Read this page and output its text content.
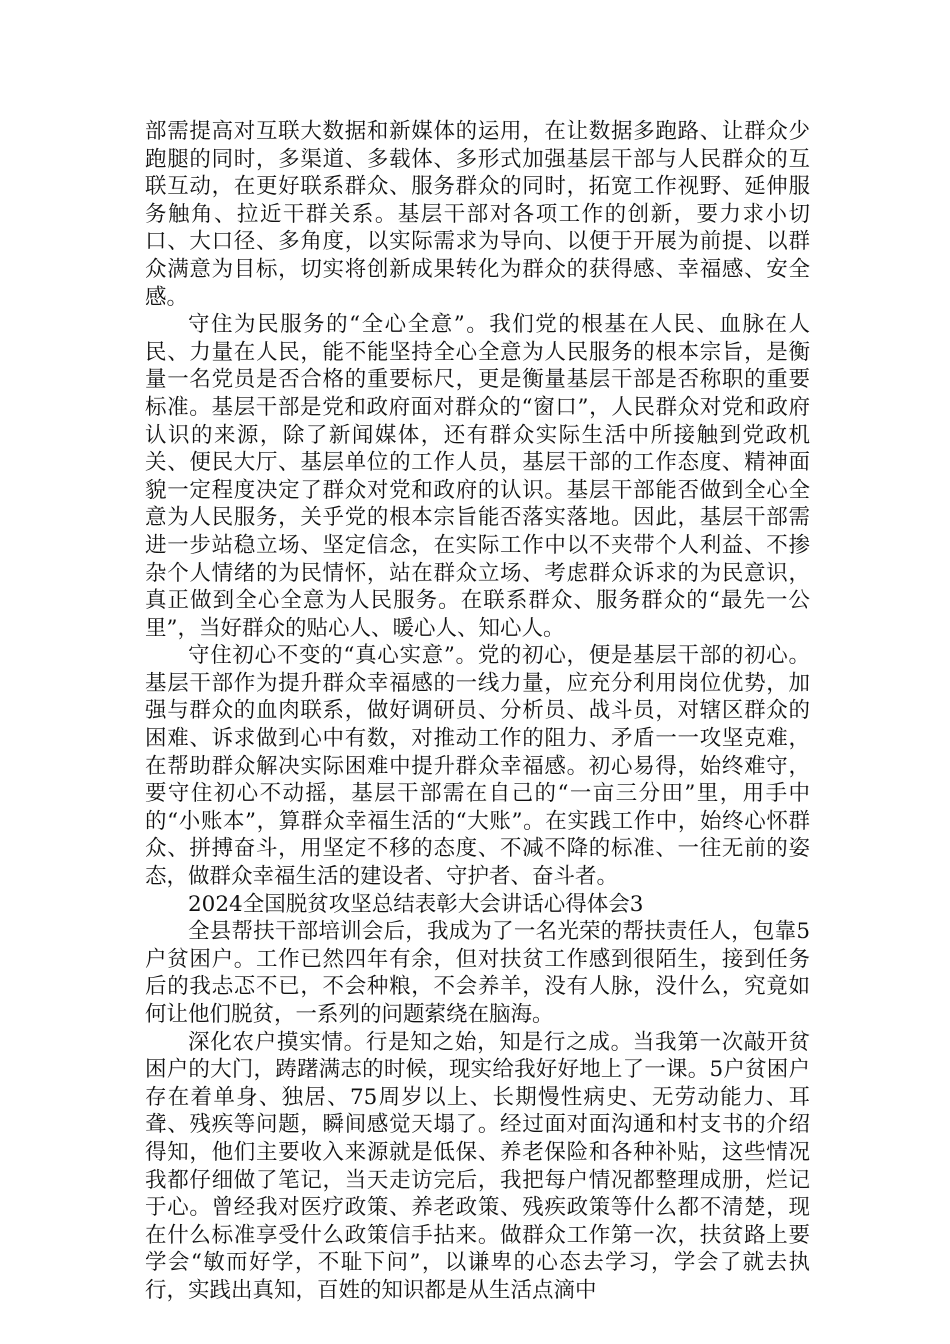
部需提高对互联大数据和新媒体的运用，在让数据多跑路、让群众少跑腿的同时，多渠道、多载体、多形式加强基层干部与人民群众的互联互动，在更好联系群众、服务群众的同时，拓宽工作视野、延伸服务触角、拉近干群关系。基层干部对各项工作的创新，要力求小切口、大口径、多角度，以实际需求为导向、以便于开展为前提、以群众满意为目标，切实将创新成果转化为群众的获得感、幸福感、安全感。

守住为民服务的“全心全意”。我们党的根基在人民、血脉在人民、力量在人民，能不能坚持全心全意为人民服务的根本宗旨，是衡量一名党员是否合格的重要标尺，更是衡量基层干部是否称职的重要标准。基层干部是党和政府面对群众的“窗口”，人民群众对党和政府认识的来源，除了新闻媒体，还有群众实际生活中所接触到党政机关、便民大厅、基层单位的工作人员，基层干部的工作态度、精神面貌一定程度决定了群众对党和政府的认识。基层干部能否做到全心全意为人民服务，关乎党的根本宗旨能否落实落地。因此，基层干部需进一步站稳立场、坚定信念，在实际工作中以不夹带个人利益、不掺杂个人情绪的为民情怀，站在群众立场、考虑群众诉求的为民意识，真正做到全心全意为人民服务。在联系群众、服务群众的“最先一公里”，当好群众的贴心人、暖心人、知心人。

守住初心不变的“真心实意”。党的初心，便是基层干部的初心。基层干部作为提升群众幸福感的一线力量，应充分利用岗位优势，加强与群众的血肉联系，做好调研员、分析员、战斗员，对辖区群众的困难、诉求做到心中有数，对推动工作的阻力、矛盾一一攻坚克难，在帮助群众解决实际困难中提升群众幸福感。初心易得，始终难守，要守住初心不动摇，基层干部需在自己的“一亩三分田”里，用手中的“小账本”，算群众幸福生活的“大账”。在实践工作中，始终心怀群众、拼搏奋斗，用坚定不移的态度、不减不降的标准、一往无前的姿态，做群众幸福生活的建设者、守护者、奋斗者。

2024全国脱贫攻坚总结表彰大会讲话心得体会3

全县帮扶干部培训会后，我成为了一名光荣的帮扶责任人，包靠5户贫困户。工作已然四年有余，但对扶贫工作感到很陌生，接到任务后的我忐忑不已，不会种粮，不会养羊，没有人脉，没什么，究竟如何让他们脱贫，一系列的问题萦绕在脑海。

深化农户摸实情。行是知之始，知是行之成。当我第一次敲开贫困户的大门，踌躇满志的时候，现实给我好好地上了一课。5户贫困户存在着单身、独居、75周岁以上、长期慢性病史、无劳动能力、耳聋、残疾等问题，瞬间感觉天塌了。经过面对面沟通和村支书的介绍得知，他们主要收入来源就是低保、养老保险和各种补贴，这些情况我都仔细做了笔记，当天走访完后，我把每户情况都整理成册，烂记于心。曾经我对医疗政策、养老政策、残疾政策等什么都不清楚，现在什么标准享受什么政策信手拈来。做群众工作第一次，扶贫路上要学会“敏而好学，不耻下问”，以谦卑的心态去学习，学会了就去执行，实践出真知，百姓的知识都是从生活点滴中
